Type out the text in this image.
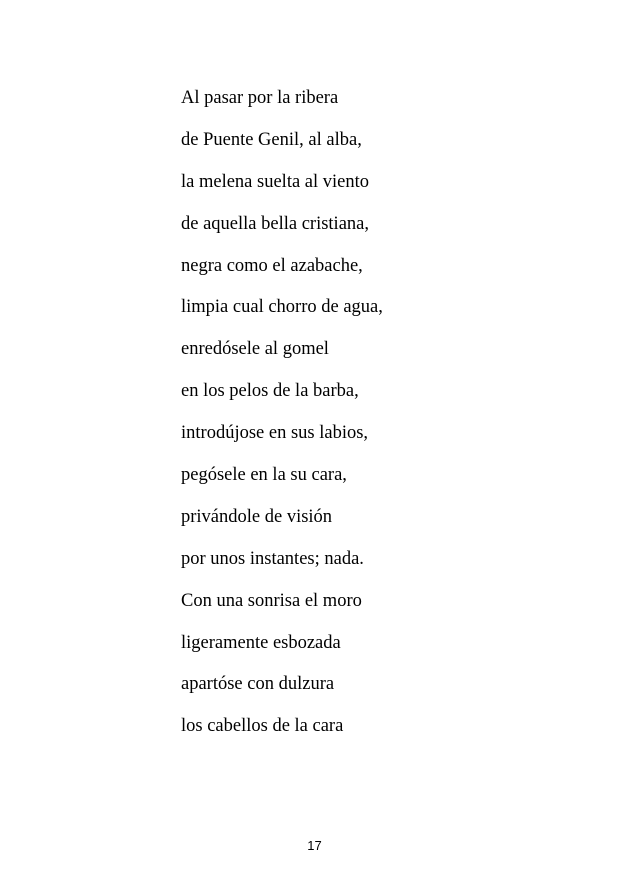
Al pasar por la ribera
de Puente Genil, al alba,
la melena suelta al viento
de aquella bella cristiana,
negra como el azabache,
limpia cual chorro de agua,
enredósele al gomel
en los pelos de la barba,
introdújose en sus labios,
pegósele en la su cara,
privándole de visión
por unos instantes; nada.
Con una sonrisa el moro
ligeramente esbozada
apartóse con dulzura
los cabellos de la cara
17
